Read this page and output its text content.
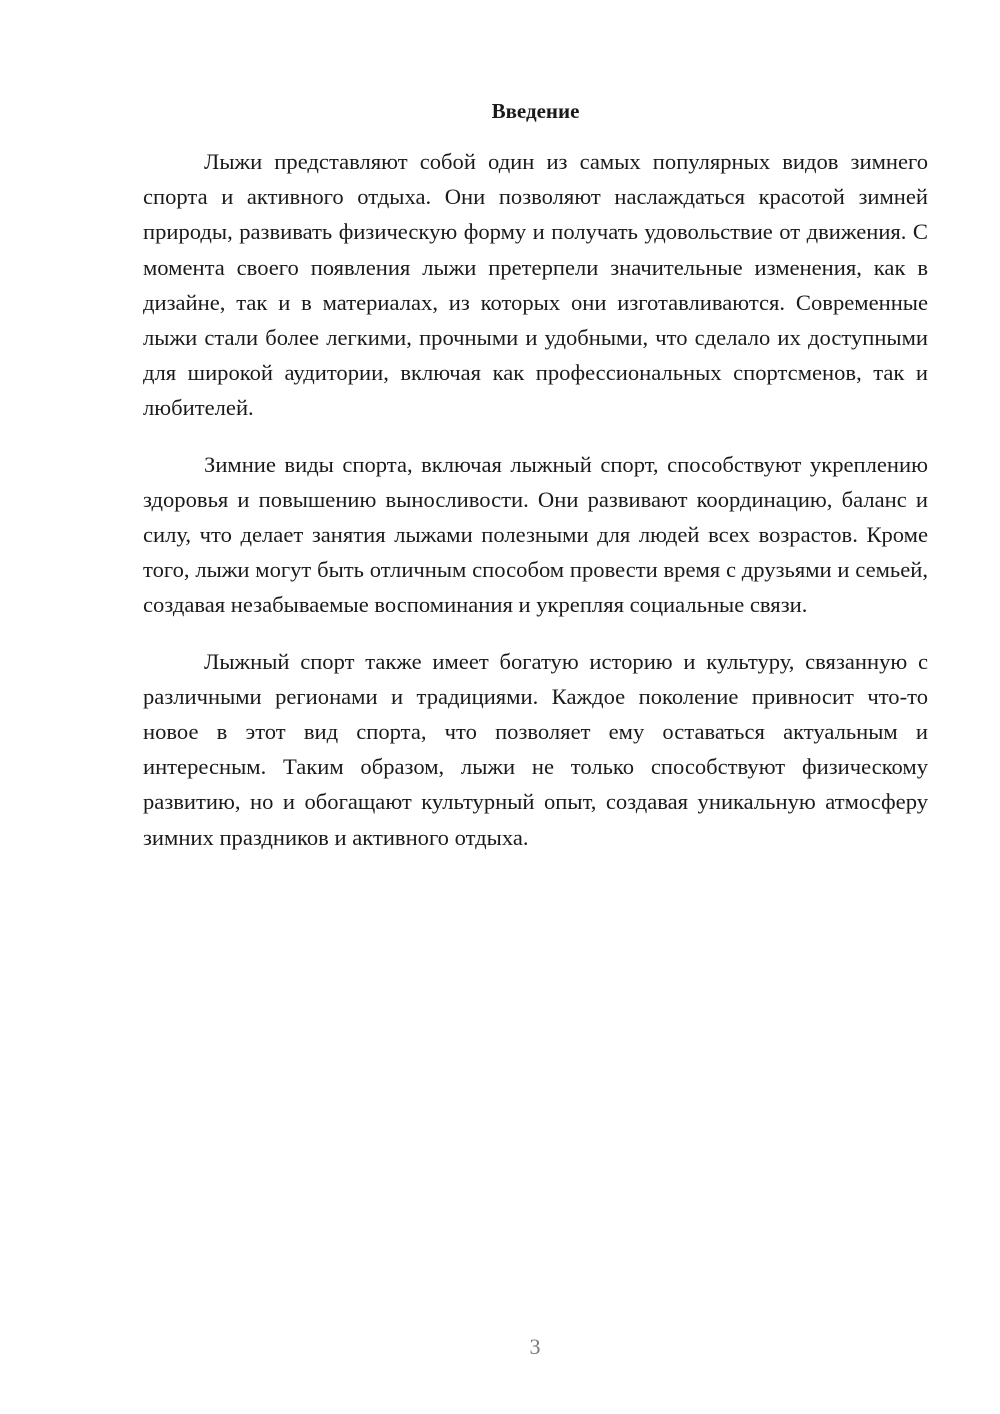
Введение

Лыжи представляют собой один из самых популярных видов зимнего спорта и активного отдыха. Они позволяют наслаждаться красотой зимней природы, развивать физическую форму и получать удовольствие от движения. С момента своего появления лыжи претерпели значительные изменения, как в дизайне, так и в материалах, из которых они изготавливаются. Современные лыжи стали более легкими, прочными и удобными, что сделало их доступными для широкой аудитории, включая как профессиональных спортсменов, так и любителей.

Зимние виды спорта, включая лыжный спорт, способствуют укреплению здоровья и повышению выносливости. Они развивают координацию, баланс и силу, что делает занятия лыжами полезными для людей всех возрастов. Кроме того, лыжи могут быть отличным способом провести время с друзьями и семьей, создавая незабываемые воспоминания и укрепляя социальные связи.

Лыжный спорт также имеет богатую историю и культуру, связанную с различными регионами и традициями. Каждое поколение привносит что-то новое в этот вид спорта, что позволяет ему оставаться актуальным и интересным. Таким образом, лыжи не только способствуют физическому развитию, но и обогащают культурный опыт, создавая уникальную атмосферу зимних праздников и активного отдыха.

3
